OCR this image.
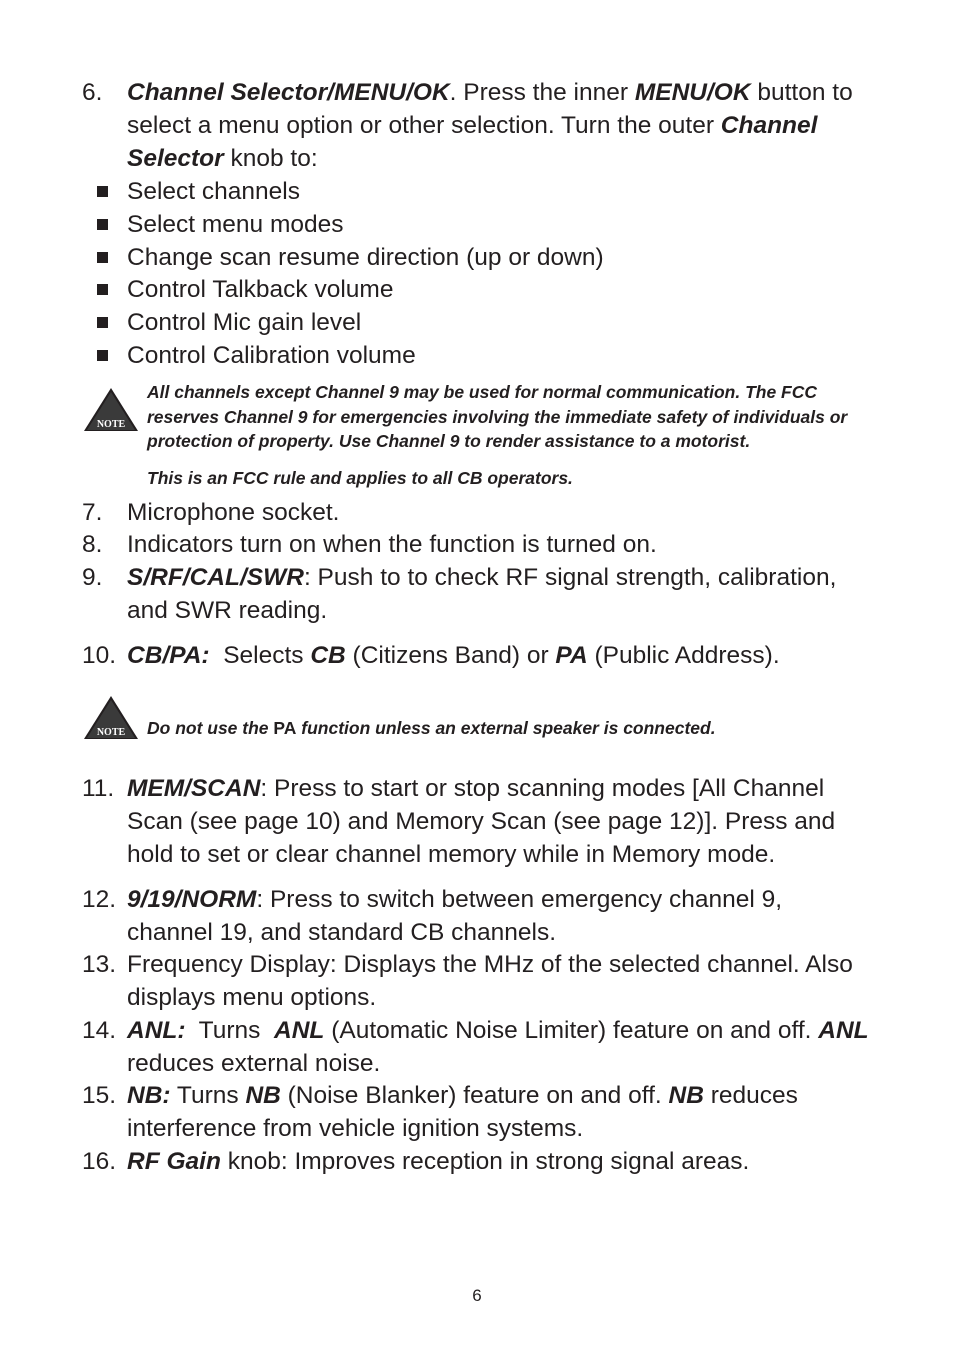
6. Channel Selector/MENU/OK. Press the inner MENU/OK button to select a menu option or other selection. Turn the outer Channel Selector knob to:
Select channels
Select menu modes
Change scan resume direction (up or down)
Control Talkback volume
Control Mic gain level
Control Calibration volume
NOTE
All channels except Channel 9 may be used for normal communication. The FCC reserves Channel 9 for emergencies involving the immediate safety of individuals or protection of property. Use Channel 9 to render assistance to a motorist.
This is an FCC rule and applies to all CB operators.
7. Microphone socket.
8. Indicators turn on when the function is turned on.
9. S/RF/CAL/SWR: Push to to check RF signal strength, calibration, and SWR reading.
10. CB/PA:  Selects CB (Citizens Band) or PA (Public Address).
NOTE Do not use the PA function unless an external speaker is connected.
11. MEM/SCAN: Press to start or stop scanning modes [All Channel Scan (see page 10) and Memory Scan (see page 12)]. Press and hold to set or clear channel memory while in Memory mode.
12. 9/19/NORM: Press to switch between emergency channel 9, channel 19, and standard CB channels.
13. Frequency Display: Displays the MHz of the selected channel. Also displays menu options.
14. ANL:  Turns  ANL (Automatic Noise Limiter) feature on and off. ANL reduces external noise.
15. NB: Turns NB (Noise Blanker) feature on and off. NB reduces interference from vehicle ignition systems.
16. RF Gain knob: Improves reception in strong signal areas.
6
